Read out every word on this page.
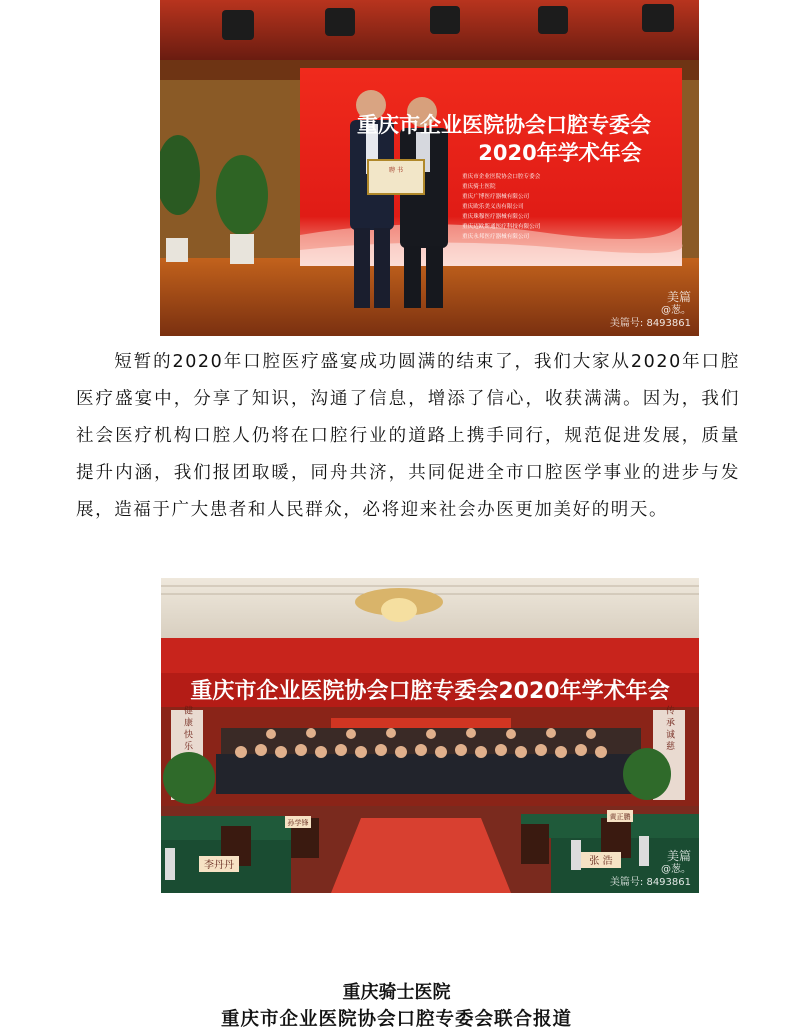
聘 书
重庆市企业医院协会口腔专委会
2020年学术年会
重庆市企业医院协会口腔专委会
重庆骑士医院
重庆广博医疗器械有限公司
重庆欧乐美义齿有限公司
重庆珠穆医疗器械有限公司
重庆迈欧斯通医疗科技有限公司
重庆永邦医疗器械有限公司
美篇
@葱。
美篇号: 8493861

短暂的2020年口腔医疗盛宴成功圆满的结束了，我们大家从2020年口腔医疗盛宴中，分享了知识，沟通了信息，增添了信心，收获满满。因为，我们社会医疗机构口腔人仍将在口腔行业的道路上携手同行，规范促进发展，质量提升内涵，我们报团取暖，同舟共济，共同促进全市口腔医学事业的进步与发展，造福于广大患者和人民群众，必将迎来社会办医更加美好的明天。

重庆市企业医院协会口腔专委会2020年学术年会
健 康 快 乐	传 承 诚 慈
李丹丹	张 浩
孙学锋
黄正鹏
美篇
@葱。
美篇号: 8493861
重庆骑士医院
重庆市企业医院协会口腔专委会联合报道
